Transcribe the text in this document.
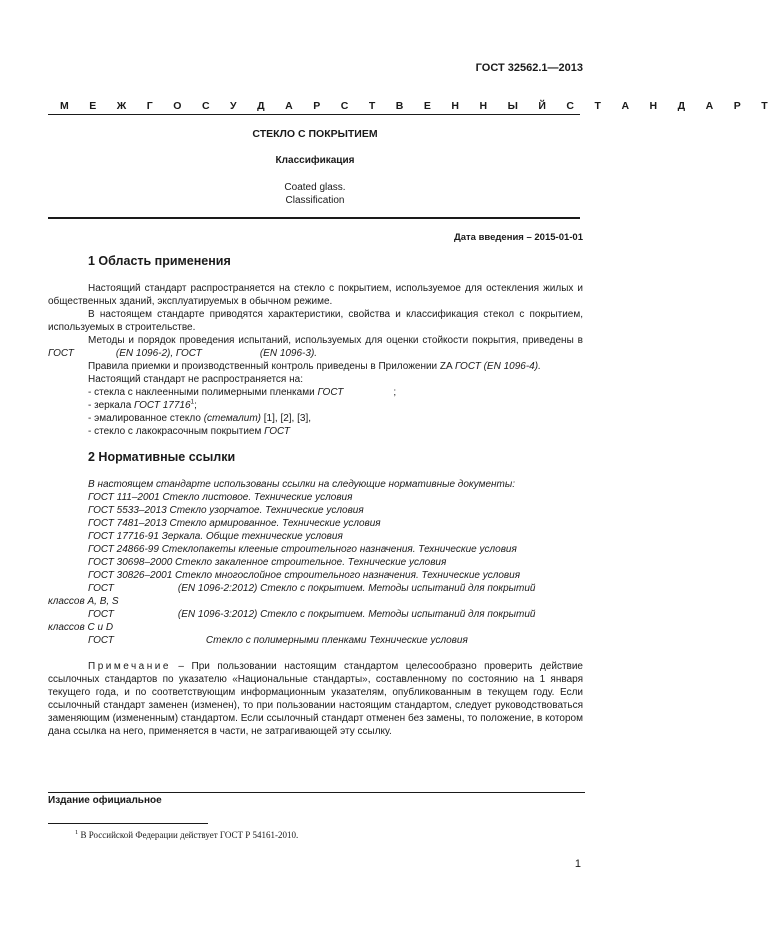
ГОСТ 32562.1—2013
М Е Ж Г О С У Д А Р С Т В Е Н Н Ы Й С Т А Н Д А Р Т
СТЕКЛО С ПОКРЫТИЕМ
Классификация
Coated glass.
Classification
Дата введения – 2015-01-01
1 Область применения

Настоящий стандарт распространяется на стекло с покрытием, используемое для остекления жилых и общественных зданий, эксплуатируемых в обычном режиме.

В настоящем стандарте приводятся характеристики, свойства и классификация стекол с покрытием, используемых в строительстве.

Методы и порядок проведения испытаний, используемых для оценки стойкости покрытия, приведены в ГОСТ	(EN 1096-2), ГОСТ	(EN 1096-3).

Правила приемки и производственный контроль приведены в Приложении ZA ГОСТ (EN 1096-4).

Настоящий стандарт не распространяется на:

- стекла с наклеенными полимерными пленками ГОСТ	;

- зеркала ГОСТ 17716$^1$;

- эмалированное стекло (стемалит) [1], [2], [3],

- стекло с лакокрасочным покрытием ГОСТ

2 Нормативные ссылки

В настоящем стандарте использованы ссылки на следующие нормативные документы:

ГОСТ 111–2001 Стекло листовое. Технические условия

ГОСТ 5533–2013 Стекло узорчатое. Технические условия

ГОСТ 7481–2013 Стекло армированное. Технические условия

ГОСТ 17716-91 Зеркала. Общие технические условия

ГОСТ 24866-99 Стеклопакеты клееные строительного назначения. Технические условия

ГОСТ 30698–2000 Стекло закаленное строительное. Технические условия

ГОСТ 30826–2001 Стекло многослойное строительного назначения. Технические условия

ГОСТ	(EN 1096-2:2012) Стекло с покрытием. Методы испытаний для покрытий

классов A, B, S

ГОСТ	(EN 1096-3:2012) Стекло с покрытием. Методы испытаний для покрытий

классов C и D

ГОСТ	Стекло с полимерными пленками Технические условия

Примечание – При пользовании настоящим стандартом целесообразно проверить действие ссылочных стандартов по указателю «Национальные стандарты», составленному по состоянию на 1 января текущего года, и по соответствующим информационным указателям, опубликованным в текущем году. Если ссылочный стандарт заменен (изменен), то при пользовании настоящим стандартом, следует руководствоваться заменяющим (измененным) стандартом. Если ссылочный стандарт отменен без замены, то положение, в котором дана ссылка на него, применяется в части, не затрагивающей эту ссылку.

Издание официальное
$^1$ В Российской Федерации действует ГОСТ Р 54161-2010.
1
